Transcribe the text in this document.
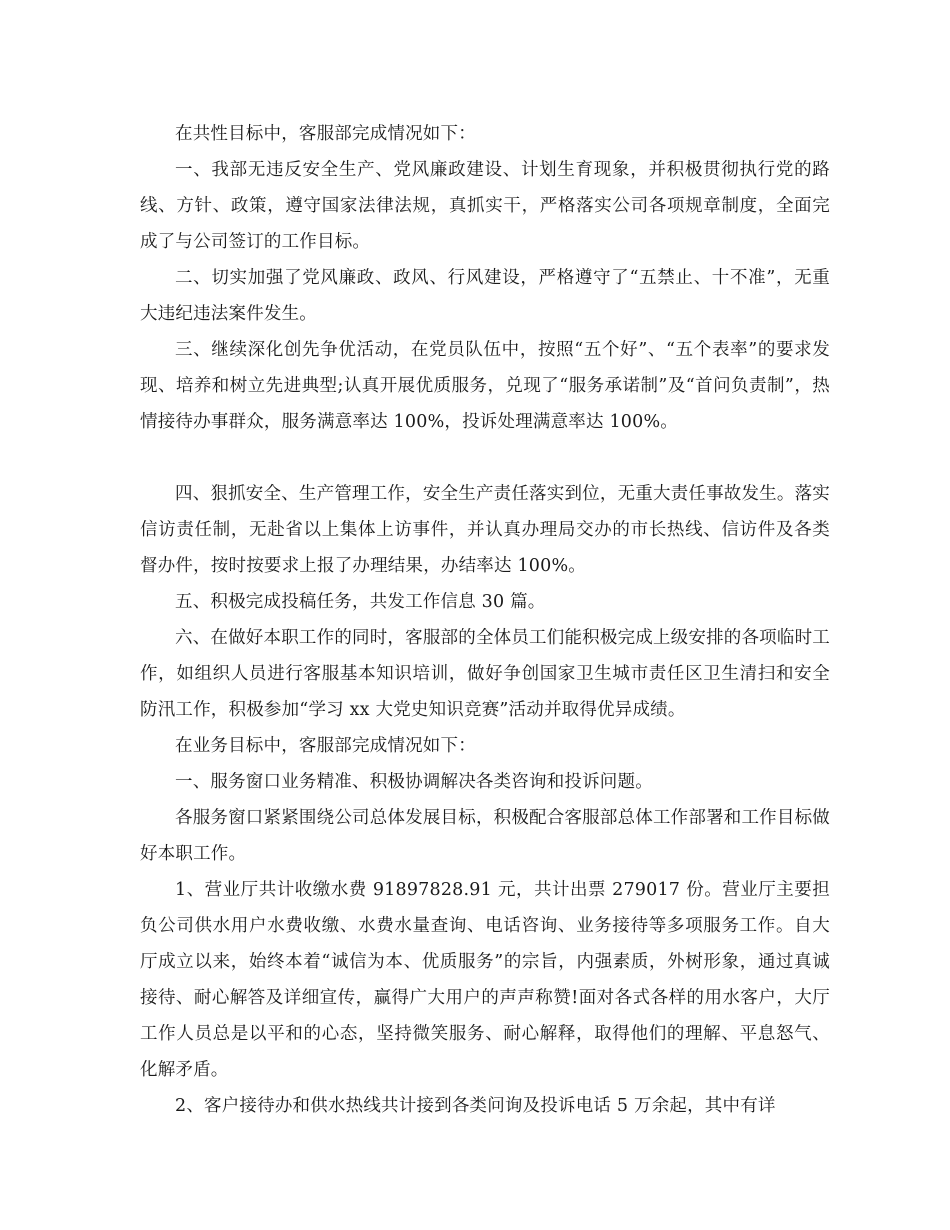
在共性目标中，客服部完成情况如下：

一、我部无违反安全生产、党风廉政建设、计划生育现象，并积极贯彻执行党的路线、方针、政策，遵守国家法律法规，真抓实干，严格落实公司各项规章制度，全面完成了与公司签订的工作目标。

二、切实加强了党风廉政、政风、行风建设，严格遵守了“五禁止、十不准”，无重大违纪违法案件发生。

三、继续深化创先争优活动，在党员队伍中，按照“五个好”、“五个表率”的要求发现、培养和树立先进典型;认真开展优质服务，兑现了“服务承诺制”及“首问负责制”，热情接待办事群众，服务满意率达 100%，投诉处理满意率达 100%。

四、狠抓安全、生产管理工作，安全生产责任落实到位，无重大责任事故发生。落实信访责任制，无赴省以上集体上访事件，并认真办理局交办的市长热线、信访件及各类督办件，按时按要求上报了办理结果，办结率达 100%。

五、积极完成投稿任务，共发工作信息 30 篇。

六、在做好本职工作的同时，客服部的全体员工们能积极完成上级安排的各项临时工作，如组织人员进行客服基本知识培训，做好争创国家卫生城市责任区卫生清扫和安全防汛工作，积极参加“学习 xx 大党史知识竞赛”活动并取得优异成绩。

在业务目标中，客服部完成情况如下：

一、服务窗口业务精准、积极协调解决各类咨询和投诉问题。

各服务窗口紧紧围绕公司总体发展目标，积极配合客服部总体工作部署和工作目标做好本职工作。

1、营业厅共计收缴水费 91897828.91 元，共计出票 279017 份。营业厅主要担负公司供水用户水费收缴、水费水量查询、电话咨询、业务接待等多项服务工作。自大厅成立以来，始终本着“诚信为本、优质服务”的宗旨，内强素质，外树形象，通过真诚接待、耐心解答及详细宣传，赢得广大用户的声声称赞!面对各式各样的用水客户，大厅工作人员总是以平和的心态，坚持微笑服务、耐心解释，取得他们的理解、平息怒气、化解矛盾。

2、客户接待办和供水热线共计接到各类问询及投诉电话 5 万余起，其中有详
